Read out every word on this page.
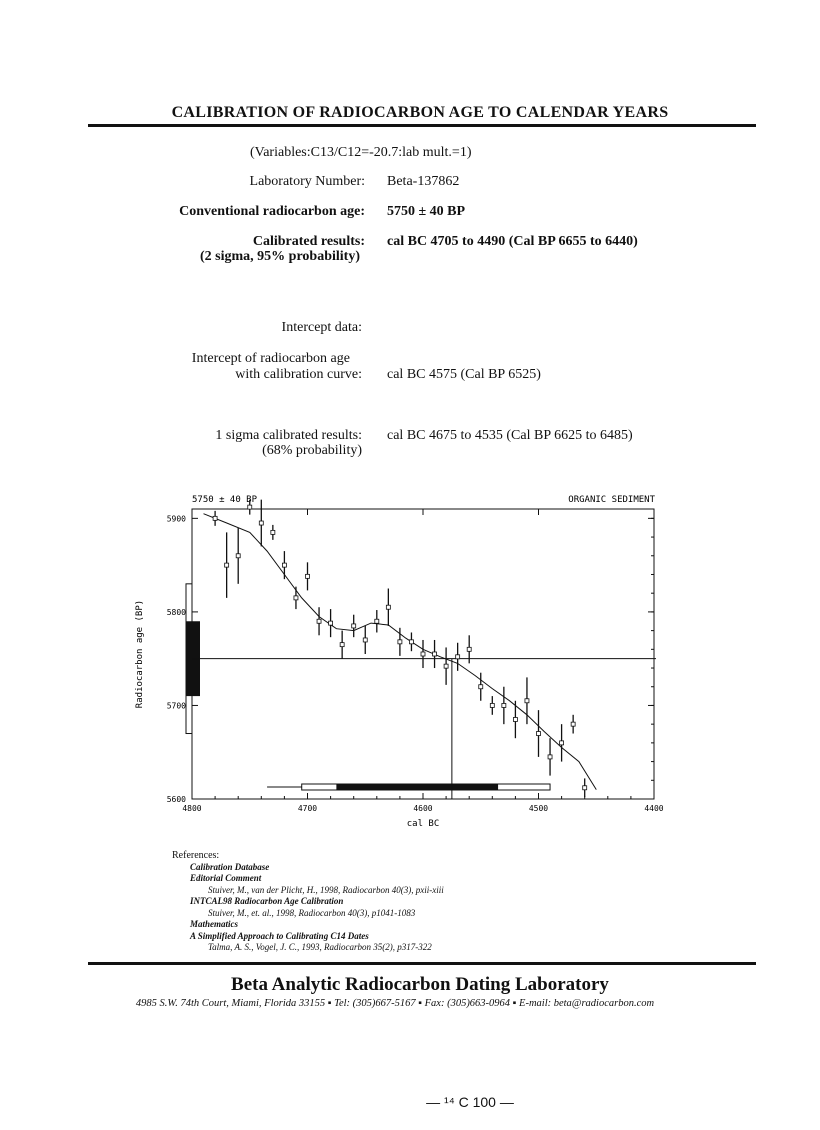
CALIBRATION OF RADIOCARBON AGE TO CALENDAR YEARS
(Variables:C13/C12=-20.7:lab mult.=1)
Laboratory Number: Beta-137862
Conventional radiocarbon age: 5750 ± 40 BP
Calibrated results:
(2 sigma, 95% probability)
cal BC 4705 to 4490 (Cal BP 6655 to 6440)
Intercept data:
Intercept of radiocarbon age
with calibration curve: cal BC 4575 (Cal BP 6525)
1 sigma calibrated results:
(68% probability)
cal BC 4675 to 4535 (Cal BP 6625 to 6485)
5750 ± 40 BP	ORGANIC SEDIMENT
4800	4700	4600	4500	4400
5900
5800
5700
5600
cal BC
Radiocarbon age (BP)
References:
Calibration Database
Editorial Comment
Stuiver, M., van der Plicht, H., 1998, Radiocarbon 40(3), pxii-xiii
INTCAL98 Radiocarbon Age Calibration
Stuiver, M., et. al., 1998, Radiocarbon 40(3), p1041-1083
Mathematics
A Simplified Approach to Calibrating C14 Dates
Talma, A. S., Vogel, J. C., 1993, Radiocarbon 35(2), p317-322
Beta Analytic Radiocarbon Dating Laboratory
4985 S.W. 74th Court, Miami, Florida 33155 ▪ Tel: (305)667-5167 ▪ Fax: (305)663-0964 ▪ E-mail: beta@radiocarbon.com
— ¹⁴ C 100 —
